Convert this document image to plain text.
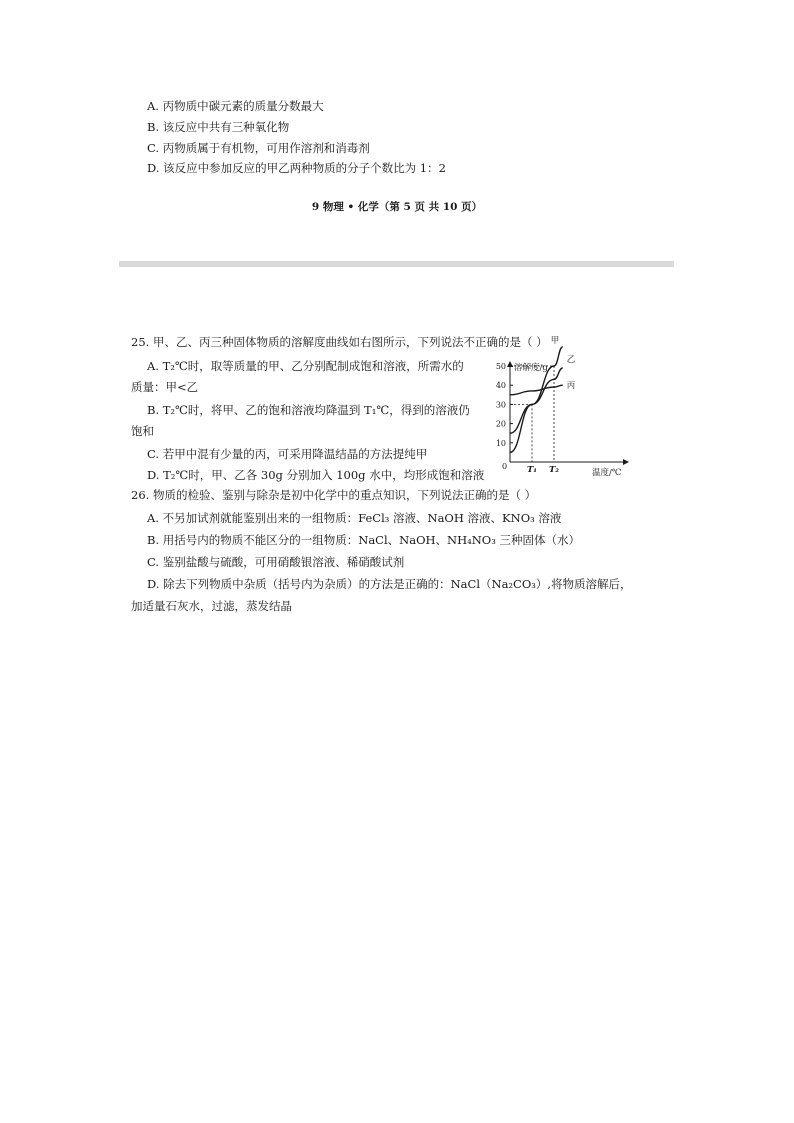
A. 丙物质中碳元素的质量分数最大
B. 该反应中共有三种氧化物
C. 丙物质属于有机物，可用作溶剂和消毒剂
D. 该反应中参加反应的甲乙两种物质的分子个数比为 1：2
9 物理 • 化学（第 5 页 共 10 页）
25. 甲、乙、丙三种固体物质的溶解度曲线如右图所示，下列说法不正确的是（ ）
A. T₂℃时，取等质量的甲、乙分别配制成饱和溶液，所需水的
质量：甲<乙
B. T₂℃时，将甲、乙的饱和溶液均降温到 T₁℃，得到的溶液仍
饱和
C. 若甲中混有少量的丙，可采用降温结晶的方法提纯甲
D. T₂℃时，甲、乙各 30g 分别加入 100g 水中，均形成饱和溶液
溶解度/g
温度/℃
0
10
20
30
40
50
T₁ T₂
甲
乙
丙
26. 物质的检验、鉴别与除杂是初中化学中的重点知识，下列说法正确的是（ ）
A. 不另加试剂就能鉴别出来的一组物质：FeCl₃ 溶液、NaOH 溶液、KNO₃ 溶液
B. 用括号内的物质不能区分的一组物质：NaCl、NaOH、NH₄NO₃ 三种固体（水）
C. 鉴别盐酸与硫酸，可用硝酸银溶液、稀硝酸试剂
D. 除去下列物质中杂质（括号内为杂质）的方法是正确的：NaCl（Na₂CO₃）,将物质溶解后，
加适量石灰水，过滤，蒸发结晶
